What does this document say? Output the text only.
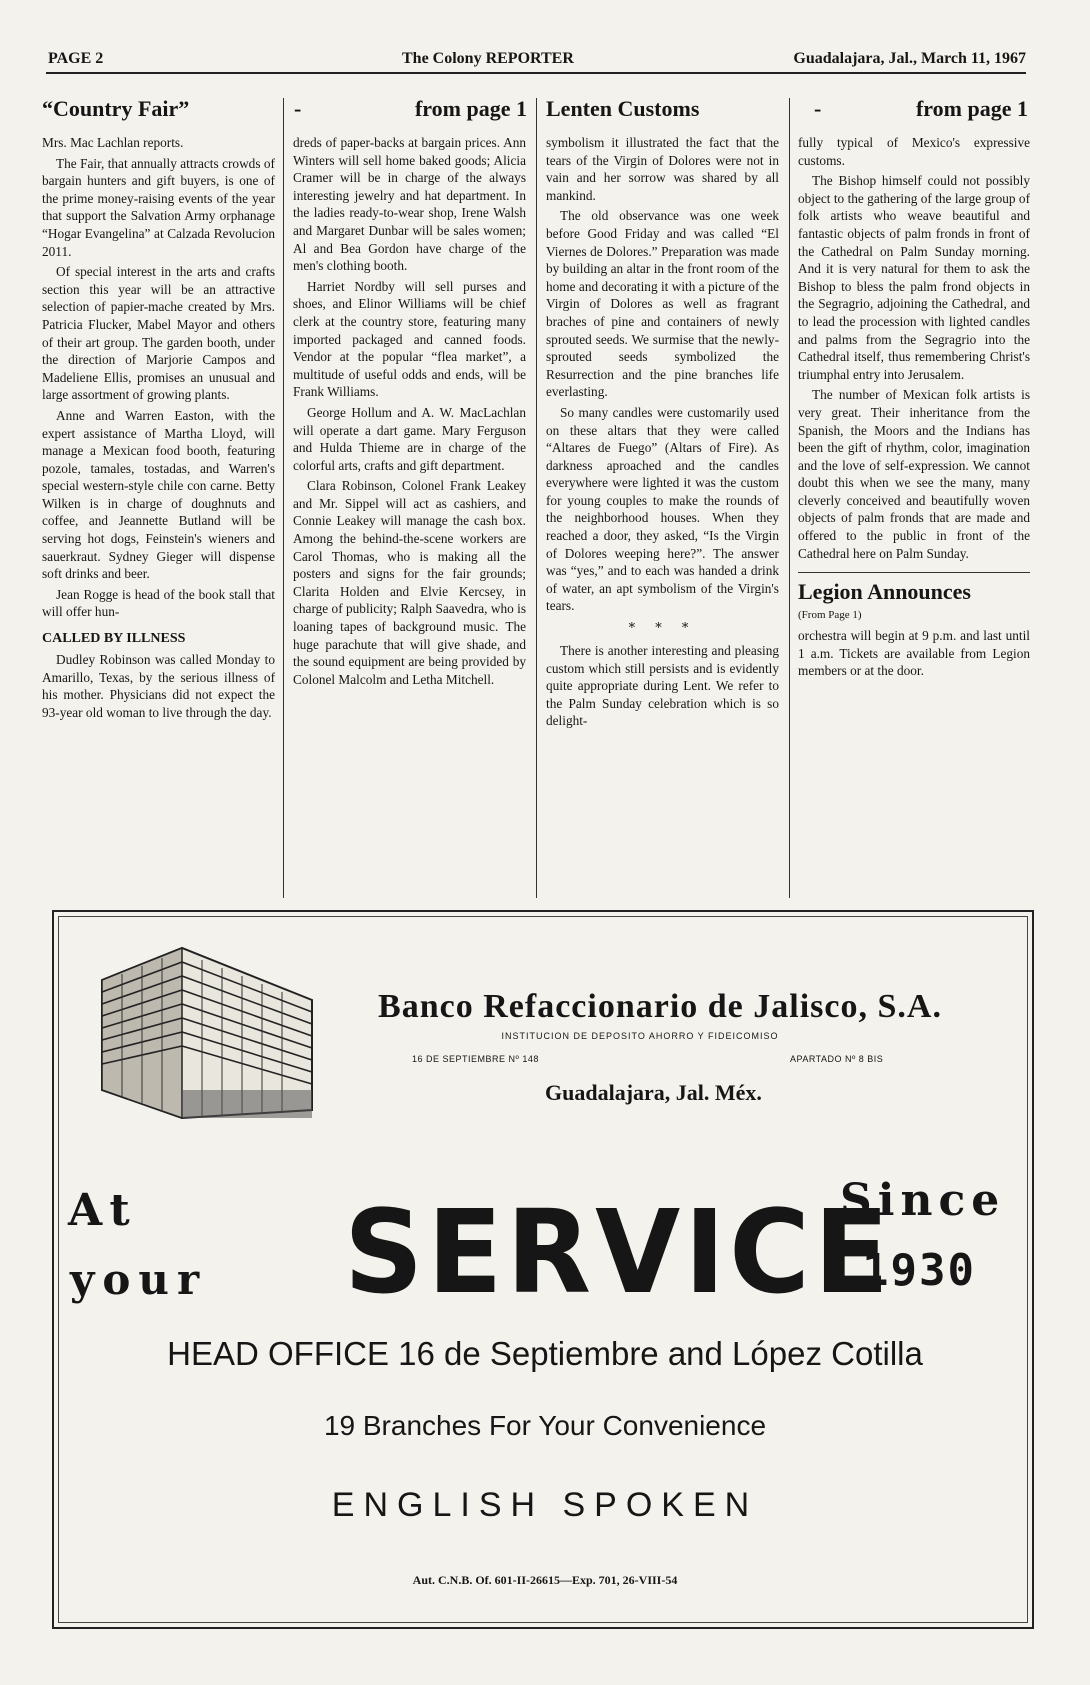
PAGE 2	The Colony REPORTER	Guadalajara, Jal., March 11, 1967
“Country Fair”	-	from page 1

Mrs. Mac Lachlan reports.

The Fair, that annually attracts crowds of bargain hunters and gift buyers, is one of the prime money-raising events of the year that support the Salvation Army orphanage “Hogar Evangelina” at Calzada Revolucion 2011.

Of special interest in the arts and crafts section this year will be an attractive selection of papier-mache created by Mrs. Patricia Flucker, Mabel Mayor and others of their art group. The garden booth, under the direction of Marjorie Campos and Madeliene Ellis, promises an unusual and large assortment of growing plants.

Anne and Warren Easton, with the expert assistance of Martha Lloyd, will manage a Mexican food booth, featuring pozole, tamales, tostadas, and Warren's special western-style chile con carne. Betty Wilken is in charge of doughnuts and coffee, and Jeannette Butland will be serving hot dogs, Feinstein's wieners and sauerkraut. Sydney Gieger will dispense soft drinks and beer.

Jean Rogge is head of the book stall that will offer hun-

CALLED BY ILLNESS

Dudley Robinson was called Monday to Amarillo, Texas, by the serious illness of his mother. Physicians did not expect the 93-year old woman to live through the day.

dreds of paper-backs at bargain prices. Ann Winters will sell home baked goods; Alicia Cramer will be in charge of the always interesting jewelry and hat department. In the ladies ready-to-wear shop, Irene Walsh and Margaret Dunbar will be sales women; Al and Bea Gordon have charge of the men's clothing booth.

Harriet Nordby will sell purses and shoes, and Elinor Williams will be chief clerk at the country store, featuring many imported packaged and canned foods. Vendor at the popular “flea market”, a multitude of useful odds and ends, will be Frank Williams.

George Hollum and A. W. MacLachlan will operate a dart game. Mary Ferguson and Hulda Thieme are in charge of the colorful arts, crafts and gift department.

Clara Robinson, Colonel Frank Leakey and Mr. Sippel will act as cashiers, and Connie Leakey will manage the cash box. Among the behind-the-scene workers are Carol Thomas, who is making all the posters and signs for the fair grounds; Clarita Holden and Elvie Kercsey, in charge of publicity; Ralph Saavedra, who is loaning tapes of background music. The huge parachute that will give shade, and the sound equipment are being provided by Colonel Malcolm and Letha Mitchell.

Lenten Customs	-	from page 1

symbolism it illustrated the fact that the tears of the Virgin of Dolores were not in vain and her sorrow was shared by all mankind.

The old observance was one week before Good Friday and was called “El Viernes de Dolores.” Preparation was made by building an altar in the front room of the home and decorating it with a picture of the Virgin of Dolores as well as fragrant braches of pine and containers of newly sprouted seeds. We surmise that the newly-sprouted seeds symbolized the Resurrection and the pine branches life everlasting.

So many candles were customarily used on these altars that they were called “Altares de Fuego” (Altars of Fire). As darkness aproached and the candles everywhere were lighted it was the custom for young couples to make the rounds of the neighborhood houses. When they reached a door, they asked, “Is the Virgin of Dolores weeping here?”. The answer was “yes,” and to each was handed a drink of water, an apt symbolism of the Virgin's tears.

* * *

There is another interesting and pleasing custom which still persists and is evidently quite appropriate during Lent. We refer to the Palm Sunday celebration which is so delight-

fully typical of Mexico's expressive customs.

The Bishop himself could not possibly object to the gathering of the large group of folk artists who weave beautiful and fantastic objects of palm fronds in front of the Cathedral on Palm Sunday morning. And it is very natural for them to ask the Bishop to bless the palm frond objects in the Segragrio, adjoining the Cathedral, and to lead the procession with lighted candles and palms from the Segragrio into the Cathedral itself, thus remembering Christ's triumphal entry into Jerusalem.

The number of Mexican folk artists is very great. Their inheritance from the Spanish, the Moors and the Indians has been the gift of rhythm, color, imagination and the love of self-expression. We cannot doubt this when we see the many, many cleverly conceived and beautifully woven objects of palm fronds that are made and offered to the public in front of the Cathedral here on Palm Sunday.

Legion Announces
(From Page 1)

orchestra will begin at 9 p.m. and last until 1 a.m. Tickets are available from Legion members or at the door.

Banco Refaccionario de Jalisco, S.A.
INSTITUCION DE DEPOSITO AHORRO Y FIDEICOMISO
16 DE SEPTIEMBRE Nº 148	APARTADO Nº 8 BIS
Guadalajara, Jal. Méx.
At
your SERVICE
Since
1930
HEAD OFFICE 16 de Septiembre and López Cotilla
19 Branches For Your Convenience
ENGLISH SPOKEN
Aut. C.N.B. Of. 601-II-26615—Exp. 701, 26-VIII-54
